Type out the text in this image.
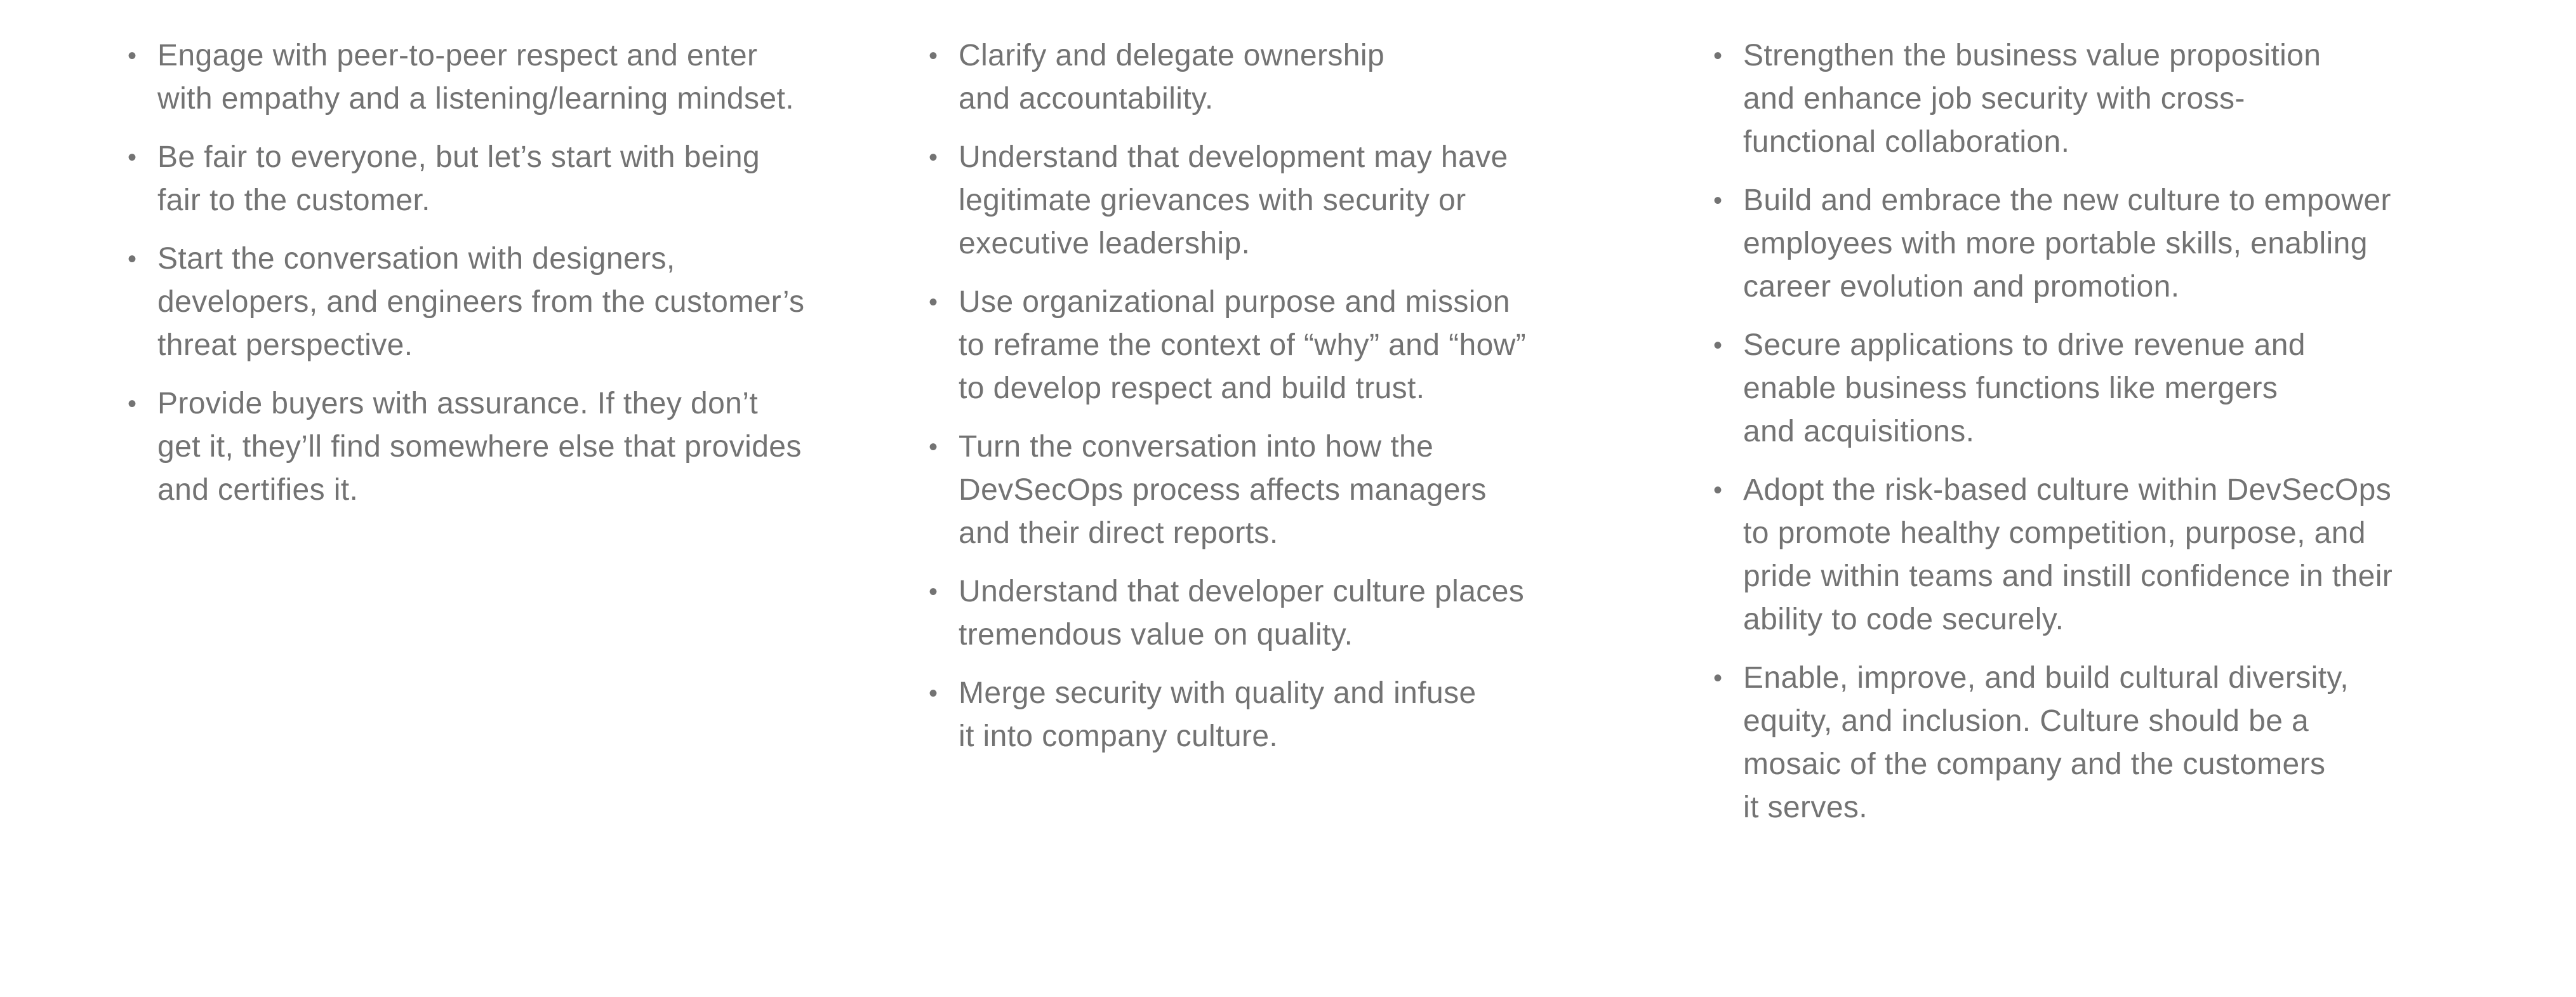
• Engage with peer-to-peer respect and enter
with empathy and a listening/learning mindset.
• Be fair to everyone, but let’s start with being
fair to the customer.
• Start the conversation with designers,
developers, and engineers from the customer’s
threat perspective.
• Provide buyers with assurance. If they don’t
get it, they’ll find somewhere else that provides
and certifies it.
• Clarify and delegate ownership
and accountability.
• Understand that development may have
legitimate grievances with security or
executive leadership.
• Use organizational purpose and mission
to reframe the context of “why” and “how”
to develop respect and build trust.
• Turn the conversation into how the
DevSecOps process affects managers
and their direct reports.
• Understand that developer culture places
tremendous value on quality.
• Merge security with quality and infuse
it into company culture.
• Strengthen the business value proposition
and enhance job security with cross-
functional collaboration.
• Build and embrace the new culture to empower
employees with more portable skills, enabling
career evolution and promotion.
• Secure applications to drive revenue and
enable business functions like mergers
and acquisitions.
• Adopt the risk-based culture within DevSecOps
to promote healthy competition, purpose, and
pride within teams and instill confidence in their
ability to code securely.
• Enable, improve, and build cultural diversity,
equity, and inclusion. Culture should be a
mosaic of the company and the customers
it serves.
